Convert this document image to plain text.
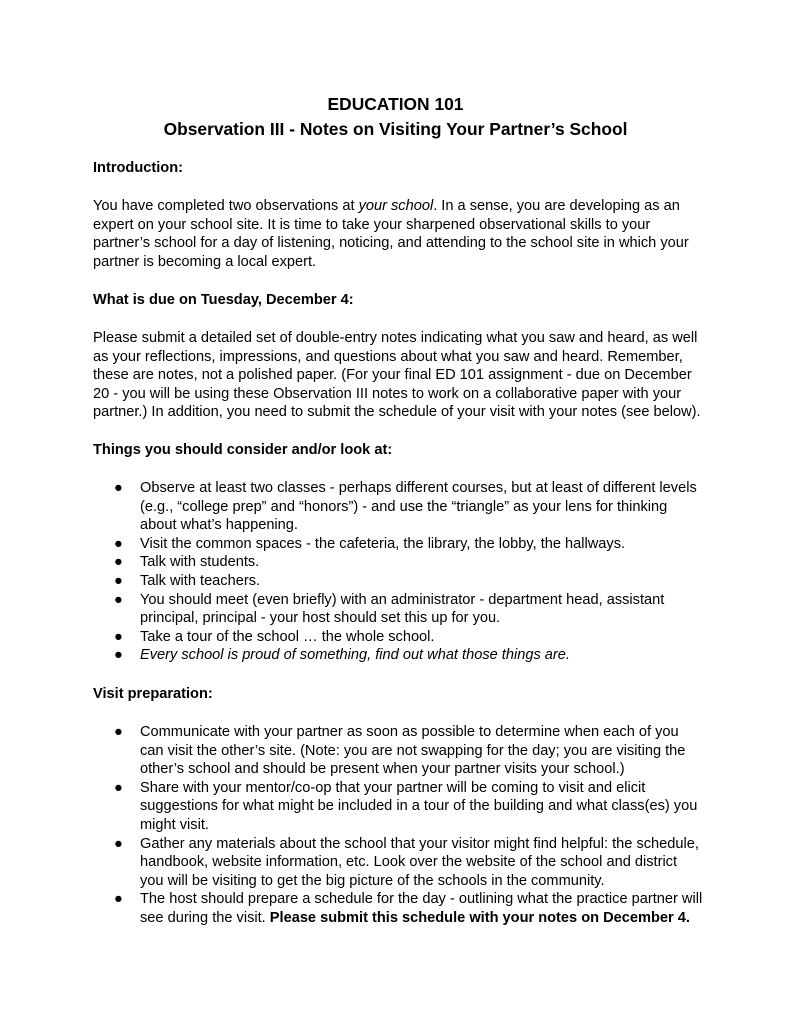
EDUCATION 101
Observation III - Notes on Visiting Your Partner’s School

Introduction:

You have completed two observations at your school. In a sense, you are developing as an expert on your school site. It is time to take your sharpened observational skills to your partner’s school for a day of listening, noticing, and attending to the school site in which your partner is becoming a local expert.

What is due on Tuesday, December 4:

Please submit a detailed set of double-entry notes indicating what you saw and heard, as well as your reflections, impressions, and questions about what you saw and heard. Remember, these are notes, not a polished paper. (For your final ED 101 assignment - due on December 20 - you will be using these Observation III notes to work on a collaborative paper with your partner.) In addition, you need to submit the schedule of your visit with your notes (see below).

Things you should consider and/or look at:

● Observe at least two classes - perhaps different courses, but at least of different levels (e.g., “college prep” and “honors”) - and use the “triangle” as your lens for thinking about what’s happening.
● Visit the common spaces - the cafeteria, the library, the lobby, the hallways.
● Talk with students.
● Talk with teachers.
● You should meet (even briefly) with an administrator - department head, assistant principal, principal - your host should set this up for you.
● Take a tour of the school … the whole school.
● Every school is proud of something, find out what those things are.

Visit preparation:

● Communicate with your partner as soon as possible to determine when each of you can visit the other’s site. (Note: you are not swapping for the day; you are visiting the other’s school and should be present when your partner visits your school.)
● Share with your mentor/co-op that your partner will be coming to visit and elicit suggestions for what might be included in a tour of the building and what class(es) you might visit.
● Gather any materials about the school that your visitor might find helpful: the schedule, handbook, website information, etc. Look over the website of the school and district you will be visiting to get the big picture of the schools in the community.
● The host should prepare a schedule for the day - outlining what the practice partner will see during the visit. Please submit this schedule with your notes on December 4.
